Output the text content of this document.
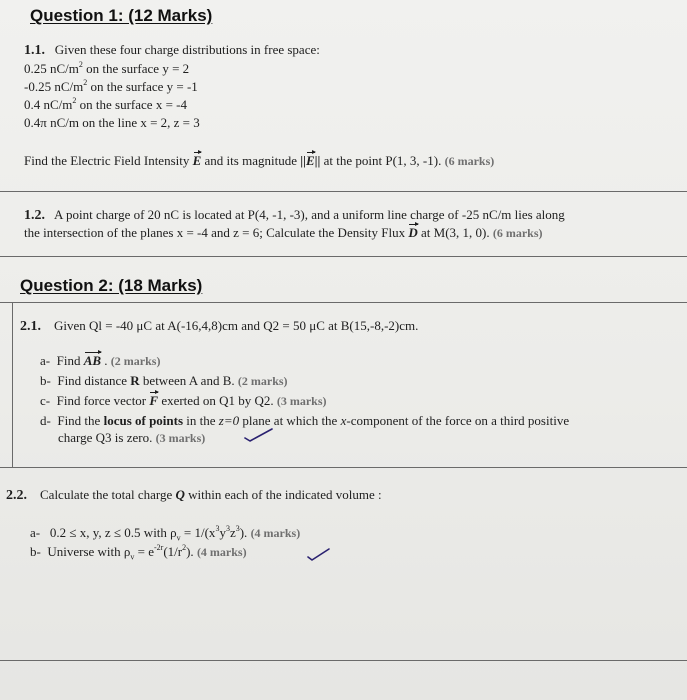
Question 1: (12 Marks)
1.1. Given these four charge distributions in free space:
0.25 $nC/m^2$ on the surface y = 2
-0.25 $nC/m^2$ on the surface y = -1
0.4 $nC/m^2$ on the surface x = -4
0.4π nC/m on the line x = 2, z = 3
Find the Electric Field Intensity E and its magnitude ||E|| at the point P(1, 3, -1). (6 marks)
1.2. A point charge of 20 nC is located at P(4, -1, -3), and a uniform line charge of -25 nC/m lies along
the intersection of the planes x = -4 and z = 6; Calculate the Density Flux D at M(3, 1, 0). (6 marks)
Question 2: (18 Marks)
2.1. Given Ql = -40 μC at A(-16,4,8)cm and Q2 = 50 μC at B(15,-8,-2)cm.
a- Find AB . (2 marks)
b- Find distance R between A and B. (2 marks)
c- Find force vector F exerted on Q1 by Q2. (3 marks)
d- Find the locus of points in the z=0 plane at which the x-component of the force on a third positive
charge Q3 is zero. (3 marks)
2.2. Calculate the total charge Q within each of the indicated volume :
a- 0.2 ≤ x, y, z ≤ 0.5 with $\rho_v = 1/(x^3y^3z^3)$. (4 marks)
b- Universe with $\rho_v = e^{-2r}(1/r^2)$. (4 marks)
